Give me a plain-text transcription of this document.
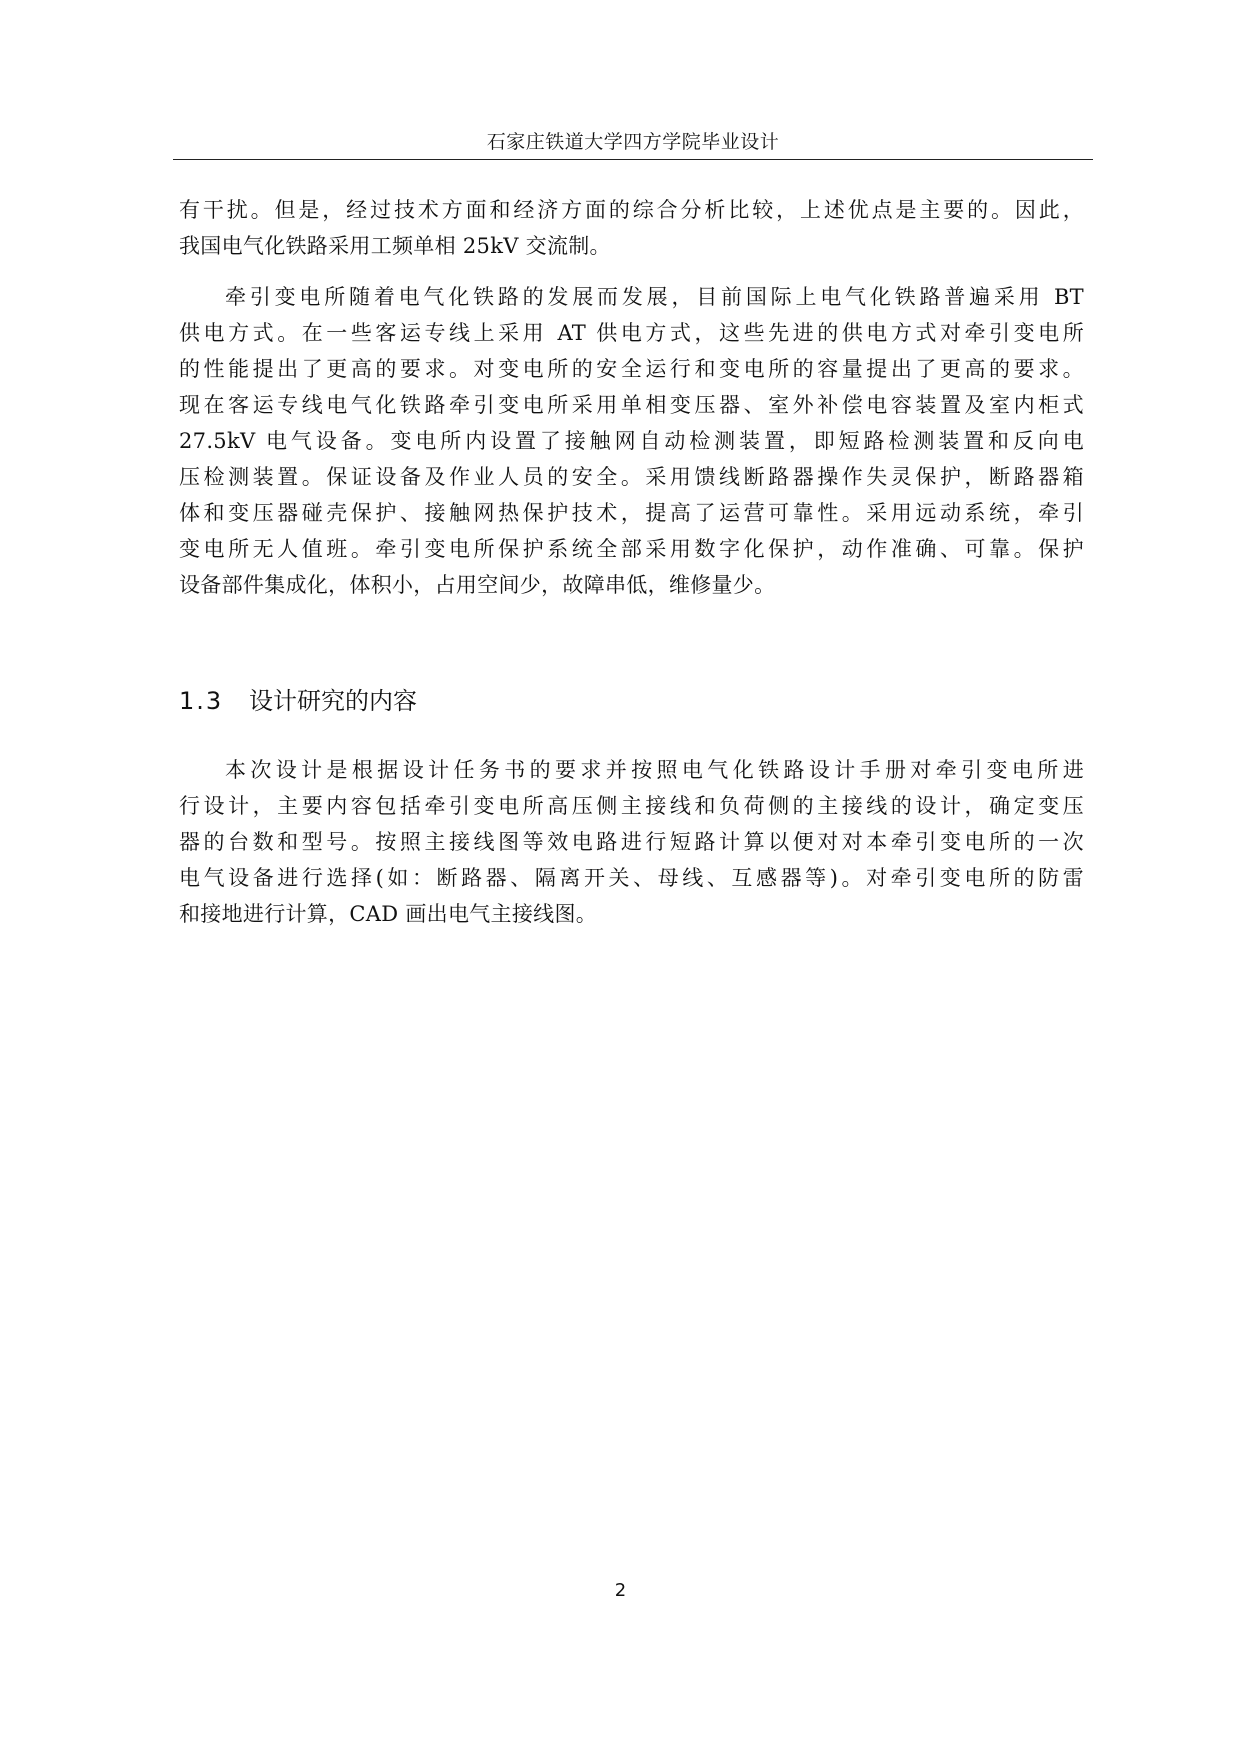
石家庄铁道大学四方学院毕业设计
有干扰。但是，经过技术方面和经济方面的综合分析比较，上述优点是主要的。因此，
我国电气化铁路采用工频单相 25kV 交流制。
牵引变电所随着电气化铁路的发展而发展，目前国际上电气化铁路普遍采用 BT
供电方式。在一些客运专线上采用 AT 供电方式，这些先进的供电方式对牵引变电所
的性能提出了更高的要求。对变电所的安全运行和变电所的容量提出了更高的要求。
现在客运专线电气化铁路牵引变电所采用单相变压器、室外补偿电容装置及室内柜式
27.5kV 电气设备。变电所内设置了接触网自动检测装置，即短路检测装置和反向电
压检测装置。保证设备及作业人员的安全。采用馈线断路器操作失灵保护，断路器箱
体和变压器碰壳保护、接触网热保护技术，提高了运营可靠性。采用远动系统，牵引
变电所无人值班。牵引变电所保护系统全部采用数字化保护，动作准确、可靠。保护
设备部件集成化，体积小，占用空间少，故障串低，维修量少。
1.3 设计研究的内容
本次设计是根据设计任务书的要求并按照电气化铁路设计手册对牵引变电所进
行设计，主要内容包括牵引变电所高压侧主接线和负荷侧的主接线的设计，确定变压
器的台数和型号。按照主接线图等效电路进行短路计算以便对对本牵引变电所的一次
电气设备进行选择(如：断路器、隔离开关、母线、互感器等)。对牵引变电所的防雷
和接地进行计算，CAD 画出电气主接线图。
2
